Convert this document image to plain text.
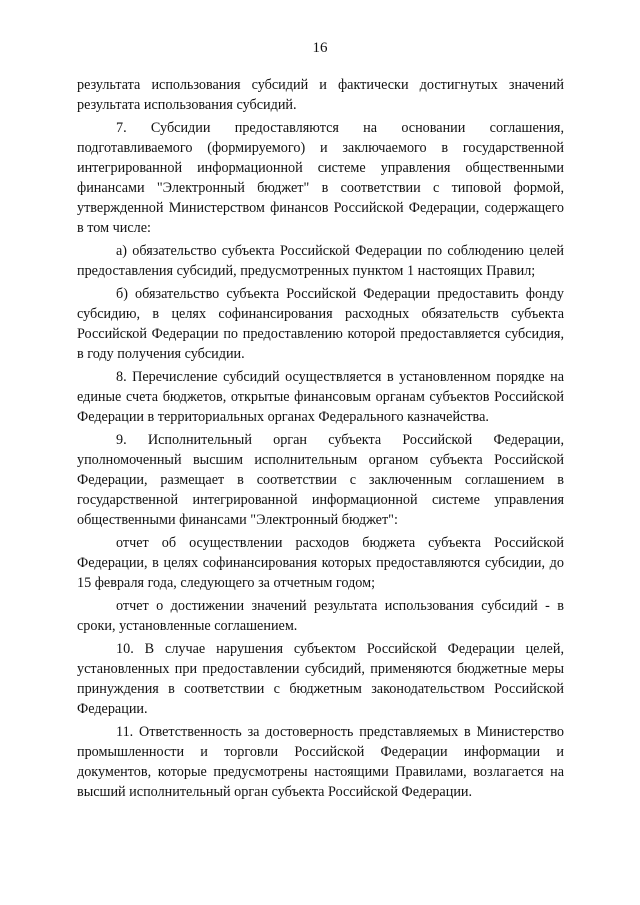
16

результата использования субсидий и фактически достигнутых значений результата использования субсидий.

7. Субсидии предоставляются на основании соглашения, подготавливаемого (формируемого) и заключаемого в государственной интегрированной информационной системе управления общественными финансами "Электронный бюджет" в соответствии с типовой формой, утвержденной Министерством финансов Российской Федерации, содержащего в том числе:

а) обязательство субъекта Российской Федерации по соблюдению целей предоставления субсидий, предусмотренных пунктом 1 настоящих Правил;

б) обязательство субъекта Российской Федерации предоставить фонду субсидию, в целях софинансирования расходных обязательств субъекта Российской Федерации по предоставлению которой предоставляется субсидия, в году получения субсидии.

8. Перечисление субсидий осуществляется в установленном порядке на единые счета бюджетов, открытые финансовым органам субъектов Российской Федерации в территориальных органах Федерального казначейства.

9. Исполнительный орган субъекта Российской Федерации, уполномоченный высшим исполнительным органом субъекта Российской Федерации, размещает в соответствии с заключенным соглашением в государственной интегрированной информационной системе управления общественными финансами "Электронный бюджет":

отчет об осуществлении расходов бюджета субъекта Российской Федерации, в целях софинансирования которых предоставляются субсидии, до 15 февраля года, следующего за отчетным годом;

отчет о достижении значений результата использования субсидий - в сроки, установленные соглашением.

10. В случае нарушения субъектом Российской Федерации целей, установленных при предоставлении субсидий, применяются бюджетные меры принуждения в соответствии с бюджетным законодательством Российской Федерации.

11. Ответственность за достоверность представляемых в Министерство промышленности и торговли Российской Федерации информации и документов, которые предусмотрены настоящими Правилами, возлагается на высший исполнительный орган субъекта Российской Федерации.
